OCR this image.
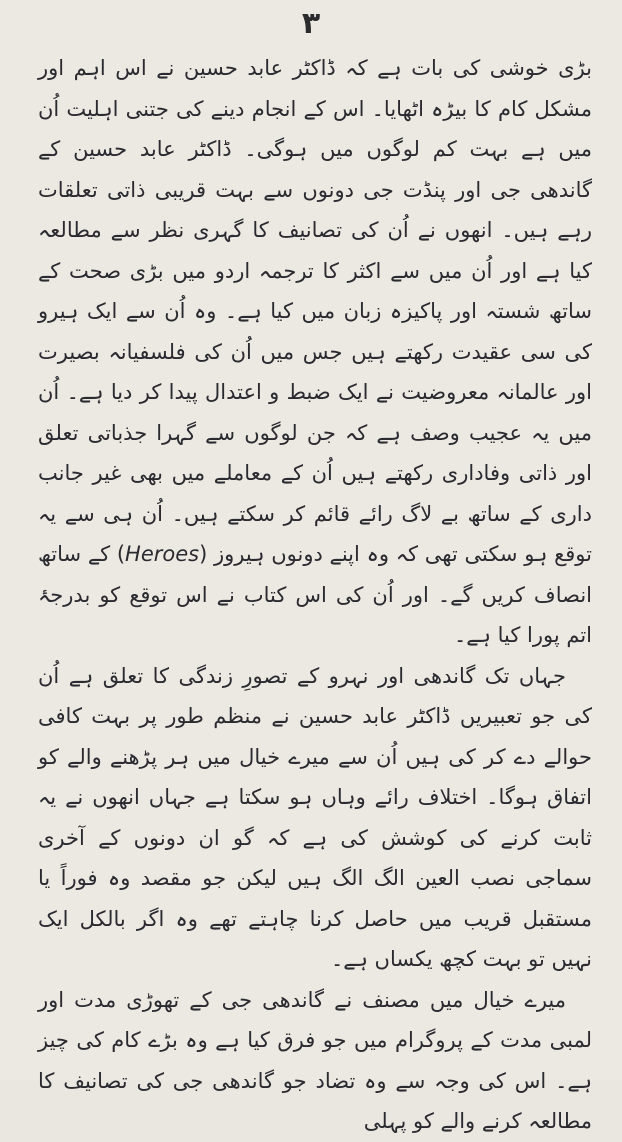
۳

بڑی خوشی کی بات ہے کہ ڈاکٹر عابد حسین نے اس اہم اور مشکل کام کا بیڑہ اٹھایا۔ اس کے انجام دینے کی جتنی اہلیت اُن میں ہے بہت کم لوگوں میں ہوگی۔ ڈاکٹر عابد حسین کے گاندھی جی اور پنڈت جی دونوں سے بہت قریبی ذاتی تعلقات رہے ہیں۔ انھوں نے اُن کی تصانیف کا گہری نظر سے مطالعہ کیا ہے اور اُن میں سے اکثر کا ترجمہ اردو میں بڑی صحت کے ساتھ شستہ اور پاکیزہ زبان میں کیا ہے۔ وہ اُن سے ایک ہیرو کی سی عقیدت رکھتے ہیں جس میں اُن کی فلسفیانہ بصیرت اور عالمانہ معروضیت نے ایک ضبط و اعتدال پیدا کر دیا ہے۔ اُن میں یہ عجیب وصف ہے کہ جن لوگوں سے گہرا جذباتی تعلق اور ذاتی وفاداری رکھتے ہیں اُن کے معاملے میں بھی غیر جانب داری کے ساتھ بے لاگ رائے قائم کر سکتے ہیں۔ اُن ہی سے یہ توقع ہو سکتی تھی کہ وہ اپنے دونوں ہیروز (Heroes) کے ساتھ انصاف کریں گے۔ اور اُن کی اس کتاب نے اس توقع کو بدرجۂ اتم پورا کیا ہے۔

جہاں تک گاندھی اور نہرو کے تصورِ زندگی کا تعلق ہے اُن کی جو تعبیریں ڈاکٹر عابد حسین نے منظم طور پر بہت کافی حوالے دے کر کی ہیں اُن سے میرے خیال میں ہر پڑھنے والے کو اتفاق ہوگا۔ اختلاف رائے وہاں ہو سکتا ہے جہاں انھوں نے یہ ثابت کرنے کی کوشش کی ہے کہ گو ان دونوں کے آخری سماجی نصب العین الگ الگ ہیں لیکن جو مقصد وہ فوراً یا مستقبل قریب میں حاصل کرنا چاہتے تھے وہ اگر بالکل ایک نہیں تو بہت کچھ یکساں ہے۔

میرے خیال میں مصنف نے گاندھی جی کے تھوڑی مدت اور لمبی مدت کے پروگرام میں جو فرق کیا ہے وہ بڑے کام کی چیز ہے۔ اس کی وجہ سے وہ تضاد جو گاندھی جی کی تصانیف کا مطالعہ کرنے والے کو پہلی
